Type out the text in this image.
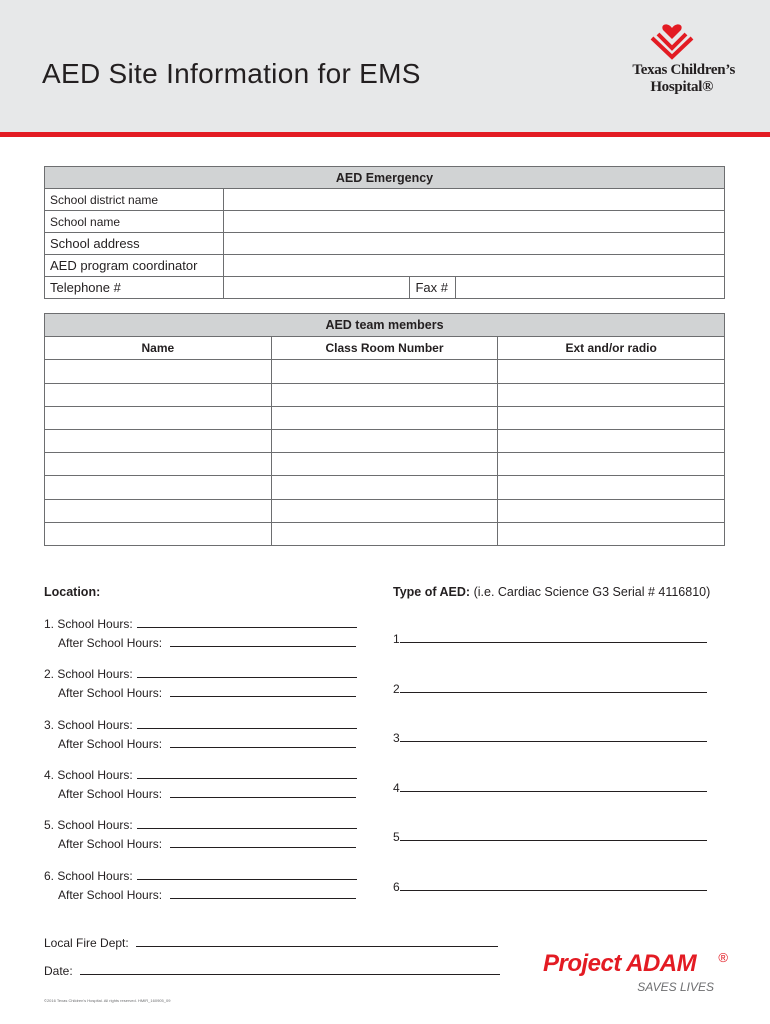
AED Site Information for EMS	Texas Children’s
Hospital®
AED Emergency			
School district name			
School name			
School address			
AED program coordinator			
Telephone #		Fax #	
AED team members		
Name	Class Room Number	Ext and/or radio

Location:	Type of AED: (i.e. Cardiac Science G3 Serial # 4116810)
1. School Hours:
After School Hours:
2. School Hours:
After School Hours:
3. School Hours:
After School Hours:
4. School Hours:
After School Hours:
5. School Hours:
After School Hours:
6. School Hours:
After School Hours:
1
2
3
4
5
6
Local Fire Dept:
Date:
©2016 Texas Children’s Hospital. All rights reserved. HMIR_160905_09
Project ADAM ®
SAVES LIVES
